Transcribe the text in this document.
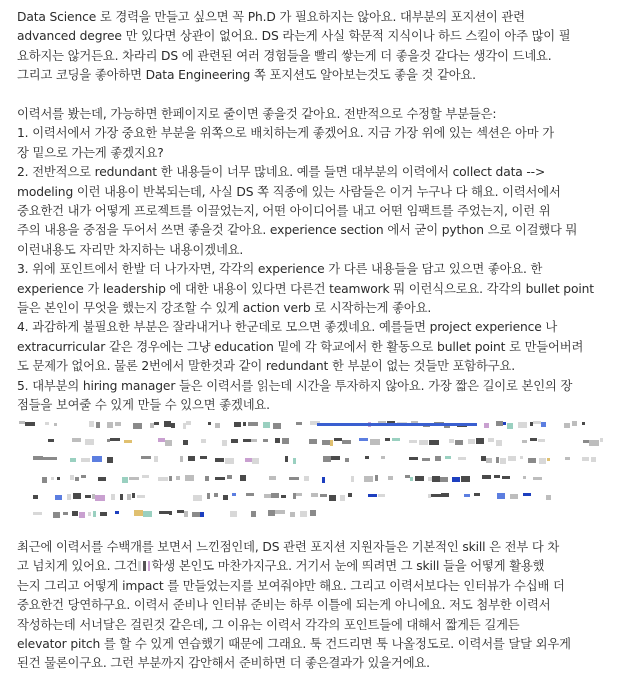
Data Science 로 경력을 만들고 싶으면 꼭 Ph.D 가 필요하지는 않아요. 대부분의 포지션이 관련

advanced degree 만 있다면 상관이 없어요. DS 라는게 사실 학문적 지식이나 하드 스킬이 아주 많이 필

요하지는 않거든요. 차라리 DS 에 관련된 여러 경험들을 빨리 쌓는게 더 좋을것 같다는 생각이 드네요.

그리고 코딩을 좋아하면 Data Engineering 쪽 포지션도 알아보는것도 좋을 것 같아요.

이력서를 봤는데, 가능하면 한페이지로 줄이면 좋을것 같아요. 전반적으로 수정할 부분들은:

1. 이력서에서 가장 중요한 부분을 위쪽으로 배치하는게 좋겠어요. 지금 가장 위에 있는 섹션은 아마 가

장 밑으로 가는게 좋겠지요?

2. 전반적으로 redundant 한 내용들이 너무 많네요. 예를 들면 대부분의 이력에서 collect data -->

modeling 이런 내용이 반복되는데, 사실 DS 쪽 직종에 있는 사람들은 이거 누구나 다 해요. 이력서에서

중요한건 내가 어떻게 프로젝트를 이끌었는지, 어떤 아이디어를 내고 어떤 임팩트를 주었는지, 이런 위

주의 내용을 중점을 두어서 쓰면 좋을것 같아요. experience section 에서 굳이 python 으로 이걸했다 뭐

이런내용도 자리만 차지하는 내용이겠네요.

3. 위에 포인트에서 한발 더 나가자면, 각각의 experience 가 다른 내용들을 담고 있으면 좋아요. 한

experience 가 leadership 에 대한 내용이 있다면 다른건 teamwork 뭐 이런식으로요. 각각의 bullet point

들은 본인이 무엇을 했는지 강조할 수 있게 action verb 로 시작하는게 좋아요.

4. 과감하게 불필요한 부분은 잘라내거나 한군데로 모으면 좋겠네요. 예를들면 project experience 나

extracurricular 같은 경우에는 그냥 education 밑에 각 학교에서 한 활동으로 bullet point 로 만들어버려

도 문제가 없어요. 물론 2번에서 말한것과 같이 redundant 한 부분이 없는 것들만 포함하구요.

5. 대부분의 hiring manager 들은 이력서를 읽는데 시간을 투자하지 않아요. 가장 짧은 길이로 본인의 장

점들을 보여줄 수 있게 만들 수 있으면 좋겠네요.

최근에 이력서를 수백개를 보면서 느낀점인데, DS 관련 포지션 지원자들은 기본적인 skill 은 전부 다 차

고 넘치게 있어요. 그건 학생 본인도 마찬가지구요. 거기서 눈에 띄려면 그 skill 들을 어떻게 활용했

는지 그리고 어떻게 impact 를 만들었는지를 보여줘야만 해요. 그리고 이력서보다는 인터뷰가 수십배 더

중요한건 당연하구요. 이력서 준비나 인터뷰 준비는 하루 이틀에 되는게 아니에요. 저도 첨부한 이력서

작성하는데 서너달은 걸린것 같은데, 그 이유는 이력서 각각의 포인트들에 대해서 짧게든 길게든

elevator pitch 를 할 수 있게 연습했기 때문에 그래요. 툭 건드리면 툭 나올정도로. 이력서를 달달 외우게

된건 물론이구요. 그런 부분까지 감안해서 준비하면 더 좋은결과가 있을거에요.
